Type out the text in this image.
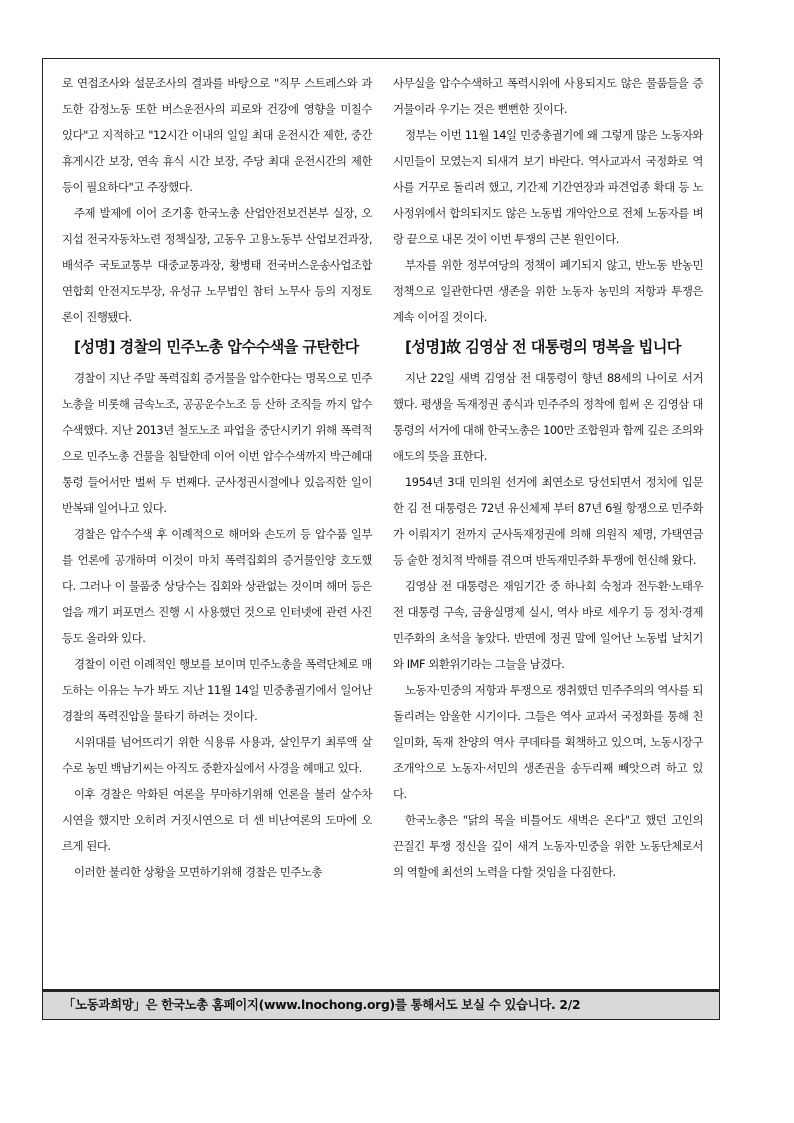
로 연접조사와 설문조사의 결과를 바탕으로 "직무 스트레스와 과도한 감정노동 또한 버스운전사의 피로와 건강에 영향을 미칠수 있다"고 지적하고 "12시간 이내의 일일 최대 운전시간 제한, 중간 휴게시간 보장, 연속 휴식 시간 보장, 주당 최대 운전시간의 제한 등이 필요하다"고 주장했다.

주제 발제에 이어 조기홍 한국노총 산업안전보건본부 실장, 오지섭 전국자동차노련 정책실장, 고동우 고용노동부 산업보건과장, 배석주 국토교통부 대중교통과장, 황병태 전국버스운송사업조합연합회 안전지도부장, 유성규 노무법인 참터 노무사 등의 지정토론이 진행됐다.

[성명] 경찰의 민주노총 압수수색을 규탄한다

경찰이 지난 주말 폭력집회 증거물을 압수한다는 명목으로 민주노총을 비롯해 금속노조, 공공운수노조 등 산하 조직들 까지 압수수색했다. 지난 2013년 철도노조 파업을 중단시키기 위해 폭력적으로 민주노총 건물을 침탈한데 이어 이번 압수수색까지 박근혜대통령 들어서만 벌써 두 번째다. 군사정권시절에나 있음직한 일이 반복돼 일어나고 있다.

경찰은 압수수색 후 이례적으로 해머와 손도끼 등 압수품 일부를 언론에 공개하며 이것이 마치 폭력집회의 증거물인양 호도했다. 그러나 이 물품중 상당수는 집회와 상관없는 것이며 해머 등은 얼음 깨기 퍼포먼스 진행 시 사용했던 것으로 인터넷에 관련 사진 등도 올라와 있다.

경찰이 이런 이례적인 행보를 보이며 민주노총을 폭력단체로 매도하는 이유는 누가 봐도 지난 11월 14일 민중총궐기에서 일어난 경찰의 폭력진압을 물타기 하려는 것이다.

시위대를 넘어뜨리기 위한 식용류 사용과, 살인무기 최루액 살수로 농민 백남기씨는 아직도 중환자실에서 사경을 헤매고 있다.

이후 경찰은 악화된 여론을 무마하기위해 언론을 불러 살수차 시연을 했지만 오히려 거짓시연으로 더 센 비난여론의 도마에 오르게 된다.

이러한 불리한 상황을 모면하기위해 경찰은 민주노총

사무실을 압수수색하고 폭력시위에 사용되지도 않은 물품들을 증거물이라 우기는 것은 뻔뻔한 짓이다.

정부는 이번 11월 14일 민중총궐기에 왜 그렇게 많은 노동자와 시민들이 모였는지 되새겨 보기 바란다. 역사교과서 국정화로 역사를 거꾸로 돌리려 했고, 기간제 기간연장과 파견업종 확대 등 노사정위에서 합의되지도 않은 노동법 개악안으로 전체 노동자를 벼랑 끝으로 내몬 것이 이번 투쟁의 근본 원인이다.

부자를 위한 정부여당의 정책이 폐기되지 않고, 반노동 반농민 정책으로 일관한다면 생존을 위한 노동자 농민의 저항과 투쟁은 계속 이어질 것이다.

[성명]故 김영삼 전 대통령의 명복을 빕니다

지난 22일 새벽 김영삼 전 대통령이 향년 88세의 나이로 서거했다. 평생을 독재정권 종식과 민주주의 정착에 힘써 온 김영삼 대통령의 서거에 대해 한국노총은 100만 조합원과 함께 깊은 조의와 애도의 뜻을 표한다.

1954년 3대 민의원 선거에 최연소로 당선되면서 정치에 입문한 김 전 대통령은 72년 유신체제 부터 87년 6월 항쟁으로 민주화가 이뤄지기 전까지 군사독재정권에 의해 의원직 제명, 가택연금 등 숱한 정치적 박해를 겪으며 반독재민주화 투쟁에 헌신해 왔다.

김영삼 전 대통령은 재임기간 중 하나회 숙청과 전두환·노태우 전 대통령 구속, 금융실명제 실시, 역사 바로 세우기 등 정치·경제민주화의 초석을 놓았다. 반면에 정권 말에 일어난 노동법 날치기와 IMF 외환위기라는 그늘을 남겼다.

노동자·민중의 저항과 투쟁으로 쟁취했던 민주주의의 역사를 되돌리려는 암울한 시기이다. 그들은 역사 교과서 국정화를 통해 친일미화, 독재 찬양의 역사 쿠데타를 획책하고 있으며, 노동시장구조개악으로 노동자·서민의 생존권을 송두리째 빼앗으려 하고 있다.

한국노총은 "닭의 목을 비틀어도 새벽은 온다"고 했던 고인의 끈질긴 투쟁 정신을 깊이 새겨 노동자·민중을 위한 노동단체로서의 역할에 최선의 노력을 다할 것임을 다짐한다.

「노동과희망」은 한국노총 홈페이지(www.lnochong.org)를 통해서도 보실 수 있습니다. 2/2
